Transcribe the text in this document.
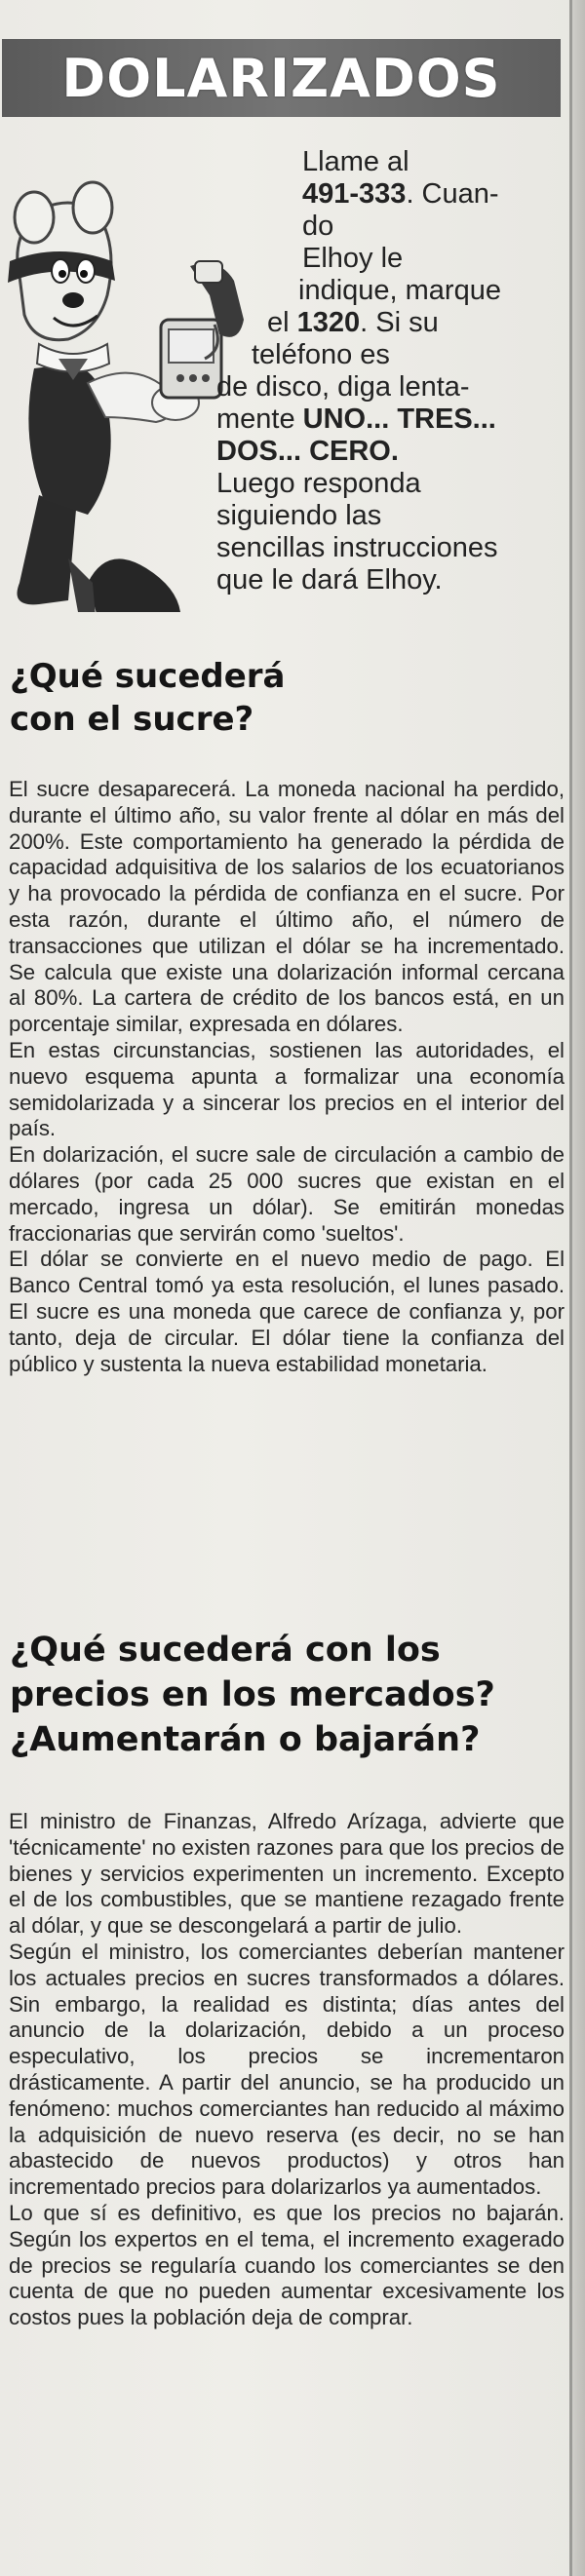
DOLARIZADOS
Llame al
491-333. Cuan-
do
Elhoy le
indique, marque
el 1320. Si su
teléfono es
de disco, diga lenta-
mente UNO... TRES...
DOS... CERO.
Luego responda
siguiendo las
sencillas instrucciones
que le dará Elhoy.
¿Qué sucederá
con el sucre?

El sucre desaparecerá. La moneda nacional ha perdido, durante el último año, su valor frente al dólar en más del 200%. Este comportamiento ha generado la pérdida de capacidad adquisitiva de los salarios de los ecuatorianos y ha provocado la pérdida de confianza en el sucre. Por esta razón, durante el último año, el número de transacciones que utilizan el dólar se ha incrementado. Se calcula que existe una dolarización informal cercana al 80%. La cartera de crédito de los bancos está, en un porcentaje similar, expresada en dólares.

En estas circunstancias, sostienen las autoridades, el nuevo esquema apunta a formalizar una economía semidolarizada y a sincerar los precios en el interior del país.

En dolarización, el sucre sale de circulación a cambio de dólares (por cada 25 000 sucres que existan en el mercado, ingresa un dólar). Se emitirán monedas fraccionarias que servirán como 'sueltos'.

El dólar se convierte en el nuevo medio de pago. El Banco Central tomó ya esta resolución, el lunes pasado. El sucre es una moneda que carece de confianza y, por tanto, deja de circular. El dólar tiene la confianza del público y sustenta la nueva estabilidad monetaria.

¿Qué sucederá con los
precios en los mercados?
¿Aumentarán o bajarán?

El ministro de Finanzas, Alfredo Arízaga, advierte que 'técnicamente' no existen razones para que los precios de bienes y servicios experimenten un incremento. Excepto el de los combustibles, que se mantiene rezagado frente al dólar, y que se descongelará a partir de julio.

Según el ministro, los comerciantes deberían mantener los actuales precios en sucres transformados a dólares. Sin embargo, la realidad es distinta; días antes del anuncio de la dolarización, debido a un proceso especulativo, los precios se incrementaron drásticamente. A partir del anuncio, se ha producido un fenómeno: muchos comerciantes han reducido al máximo la adquisición de nuevo reserva (es decir, no se han abastecido de nuevos productos) y otros han incrementado precios para dolarizarlos ya aumentados.

Lo que sí es definitivo, es que los precios no bajarán. Según los expertos en el tema, el incremento exagerado de precios se regularía cuando los comerciantes se den cuenta de que no pueden aumentar excesivamente los costos pues la población deja de comprar.
